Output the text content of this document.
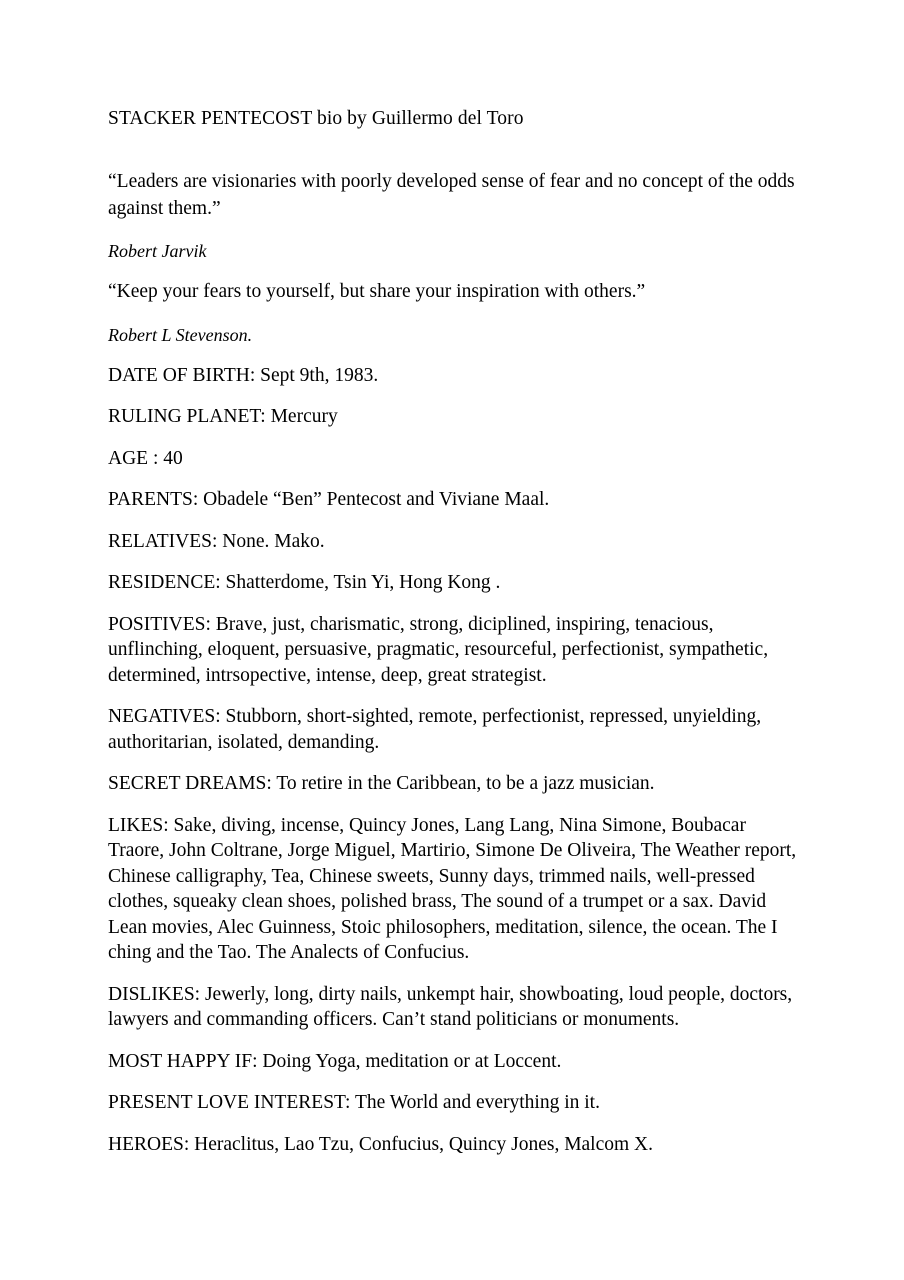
STACKER PENTECOST bio by Guillermo del Toro

“Leaders are visionaries with poorly developed sense of fear and no concept of the odds against them.”

Robert Jarvik

“Keep your fears to yourself, but share your inspiration with others.”

Robert L Stevenson.

DATE OF BIRTH: Sept 9th, 1983.

RULING PLANET: Mercury

AGE : 40

PARENTS: Obadele “Ben” Pentecost and Viviane Maal.

RELATIVES: None. Mako.

RESIDENCE: Shatterdome, Tsin Yi, Hong Kong .

POSITIVES: Brave, just, charismatic, strong, diciplined, inspiring, tenacious, unflinching, eloquent, persuasive, pragmatic, resourceful, perfectionist, sympathetic, determined, intrsopective, intense, deep, great strategist.

NEGATIVES: Stubborn, short-sighted, remote, perfectionist, repressed, unyielding, authoritarian, isolated, demanding.

SECRET DREAMS: To retire in the Caribbean, to be a jazz musician.

LIKES: Sake, diving, incense, Quincy Jones, Lang Lang, Nina Simone, Boubacar Traore, John Coltrane, Jorge Miguel, Martirio, Simone De Oliveira, The Weather report, Chinese calligraphy, Tea, Chinese sweets, Sunny days, trimmed nails, well-pressed clothes, squeaky clean shoes, polished brass, The sound of a trumpet or a sax. David Lean movies, Alec Guinness, Stoic philosophers, meditation, silence, the ocean. The I ching and the Tao. The Analects of Confucius.

DISLIKES: Jewerly, long, dirty nails, unkempt hair, showboating, loud people, doctors, lawyers and commanding officers. Can’t stand politicians or monuments.

MOST HAPPY IF: Doing Yoga, meditation or at Loccent.

PRESENT LOVE INTEREST: The World and everything in it.

HEROES: Heraclitus, Lao Tzu, Confucius, Quincy Jones, Malcom X.
